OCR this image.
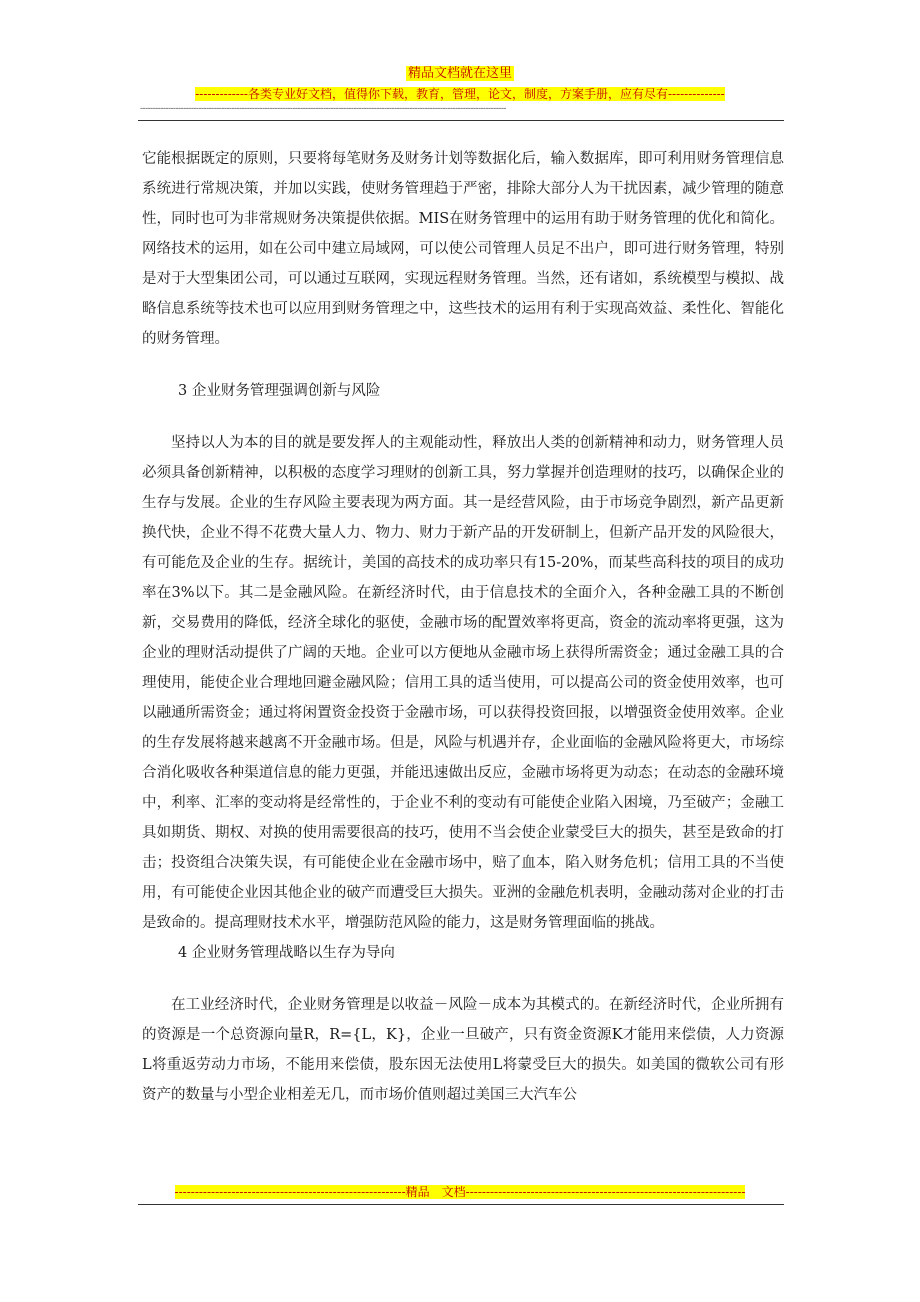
精品文档就在这里
-------------各类专业好文档，值得你下载，教育，管理，论文，制度，方案手册，应有尽有--------------
------------------------------------------------------------------------------------------------------------------------------------------------

它能根据既定的原则，只要将每笔财务及财务计划等数据化后，输入数据库，即可利用财务管理信息系统进行常规决策，并加以实践，使财务管理趋于严密，排除大部分人为干扰因素，减少管理的随意性，同时也可为非常规财务决策提供依据。MIS在财务管理中的运用有助于财务管理的优化和简化。网络技术的运用，如在公司中建立局域网，可以使公司管理人员足不出户，即可进行财务管理，特别是对于大型集团公司，可以通过互联网，实现远程财务管理。当然，还有诸如，系统模型与模拟、战略信息系统等技术也可以应用到财务管理之中，这些技术的运用有利于实现高效益、柔性化、智能化的财务管理。

3 企业财务管理强调创新与风险

坚持以人为本的目的就是要发挥人的主观能动性，释放出人类的创新精神和动力，财务管理人员必须具备创新精神，以积极的态度学习理财的创新工具，努力掌握并创造理财的技巧，以确保企业的生存与发展。企业的生存风险主要表现为两方面。其一是经营风险，由于市场竞争剧烈，新产品更新换代快，企业不得不花费大量人力、物力、财力于新产品的开发研制上，但新产品开发的风险很大，有可能危及企业的生存。据统计，美国的高技术的成功率只有15-20%，而某些高科技的项目的成功率在3%以下。其二是金融风险。在新经济时代，由于信息技术的全面介入，各种金融工具的不断创新，交易费用的降低，经济全球化的驱使，金融市场的配置效率将更高，资金的流动率将更强，这为企业的理财活动提供了广阔的天地。企业可以方便地从金融市场上获得所需资金；通过金融工具的合理使用，能使企业合理地回避金融风险；信用工具的适当使用，可以提高公司的资金使用效率，也可以融通所需资金；通过将闲置资金投资于金融市场，可以获得投资回报，以增强资金使用效率。企业的生存发展将越来越离不开金融市场。但是，风险与机遇并存，企业面临的金融风险将更大，市场综合消化吸收各种渠道信息的能力更强，并能迅速做出反应，金融市场将更为动态；在动态的金融环境中，利率、汇率的变动将是经常性的，于企业不利的变动有可能使企业陷入困境，乃至破产；金融工具如期货、期权、对换的使用需要很高的技巧，使用不当会使企业蒙受巨大的损失，甚至是致命的打击；投资组合决策失误，有可能使企业在金融市场中，赔了血本，陷入财务危机；信用工具的不当使用，有可能使企业因其他企业的破产而遭受巨大损失。亚洲的金融危机表明，金融动荡对企业的打击是致命的。提高理财技术水平，增强防范风险的能力，这是财务管理面临的挑战。

4 企业财务管理战略以生存为导向

在工业经济时代，企业财务管理是以收益－风险－成本为其模式的。在新经济时代，企业所拥有的资源是一个总资源向量R，R={L，K}，企业一旦破产，只有资金资源K才能用来偿债，人力资源L将重返劳动力市场，不能用来偿债，股东因无法使用L将蒙受巨大的损失。如美国的微软公司有形资产的数量与小型企业相差无几，而市场价值则超过美国三大汽车公

---------------------------------------------------------精品　文档---------------------------------------------------------------------
